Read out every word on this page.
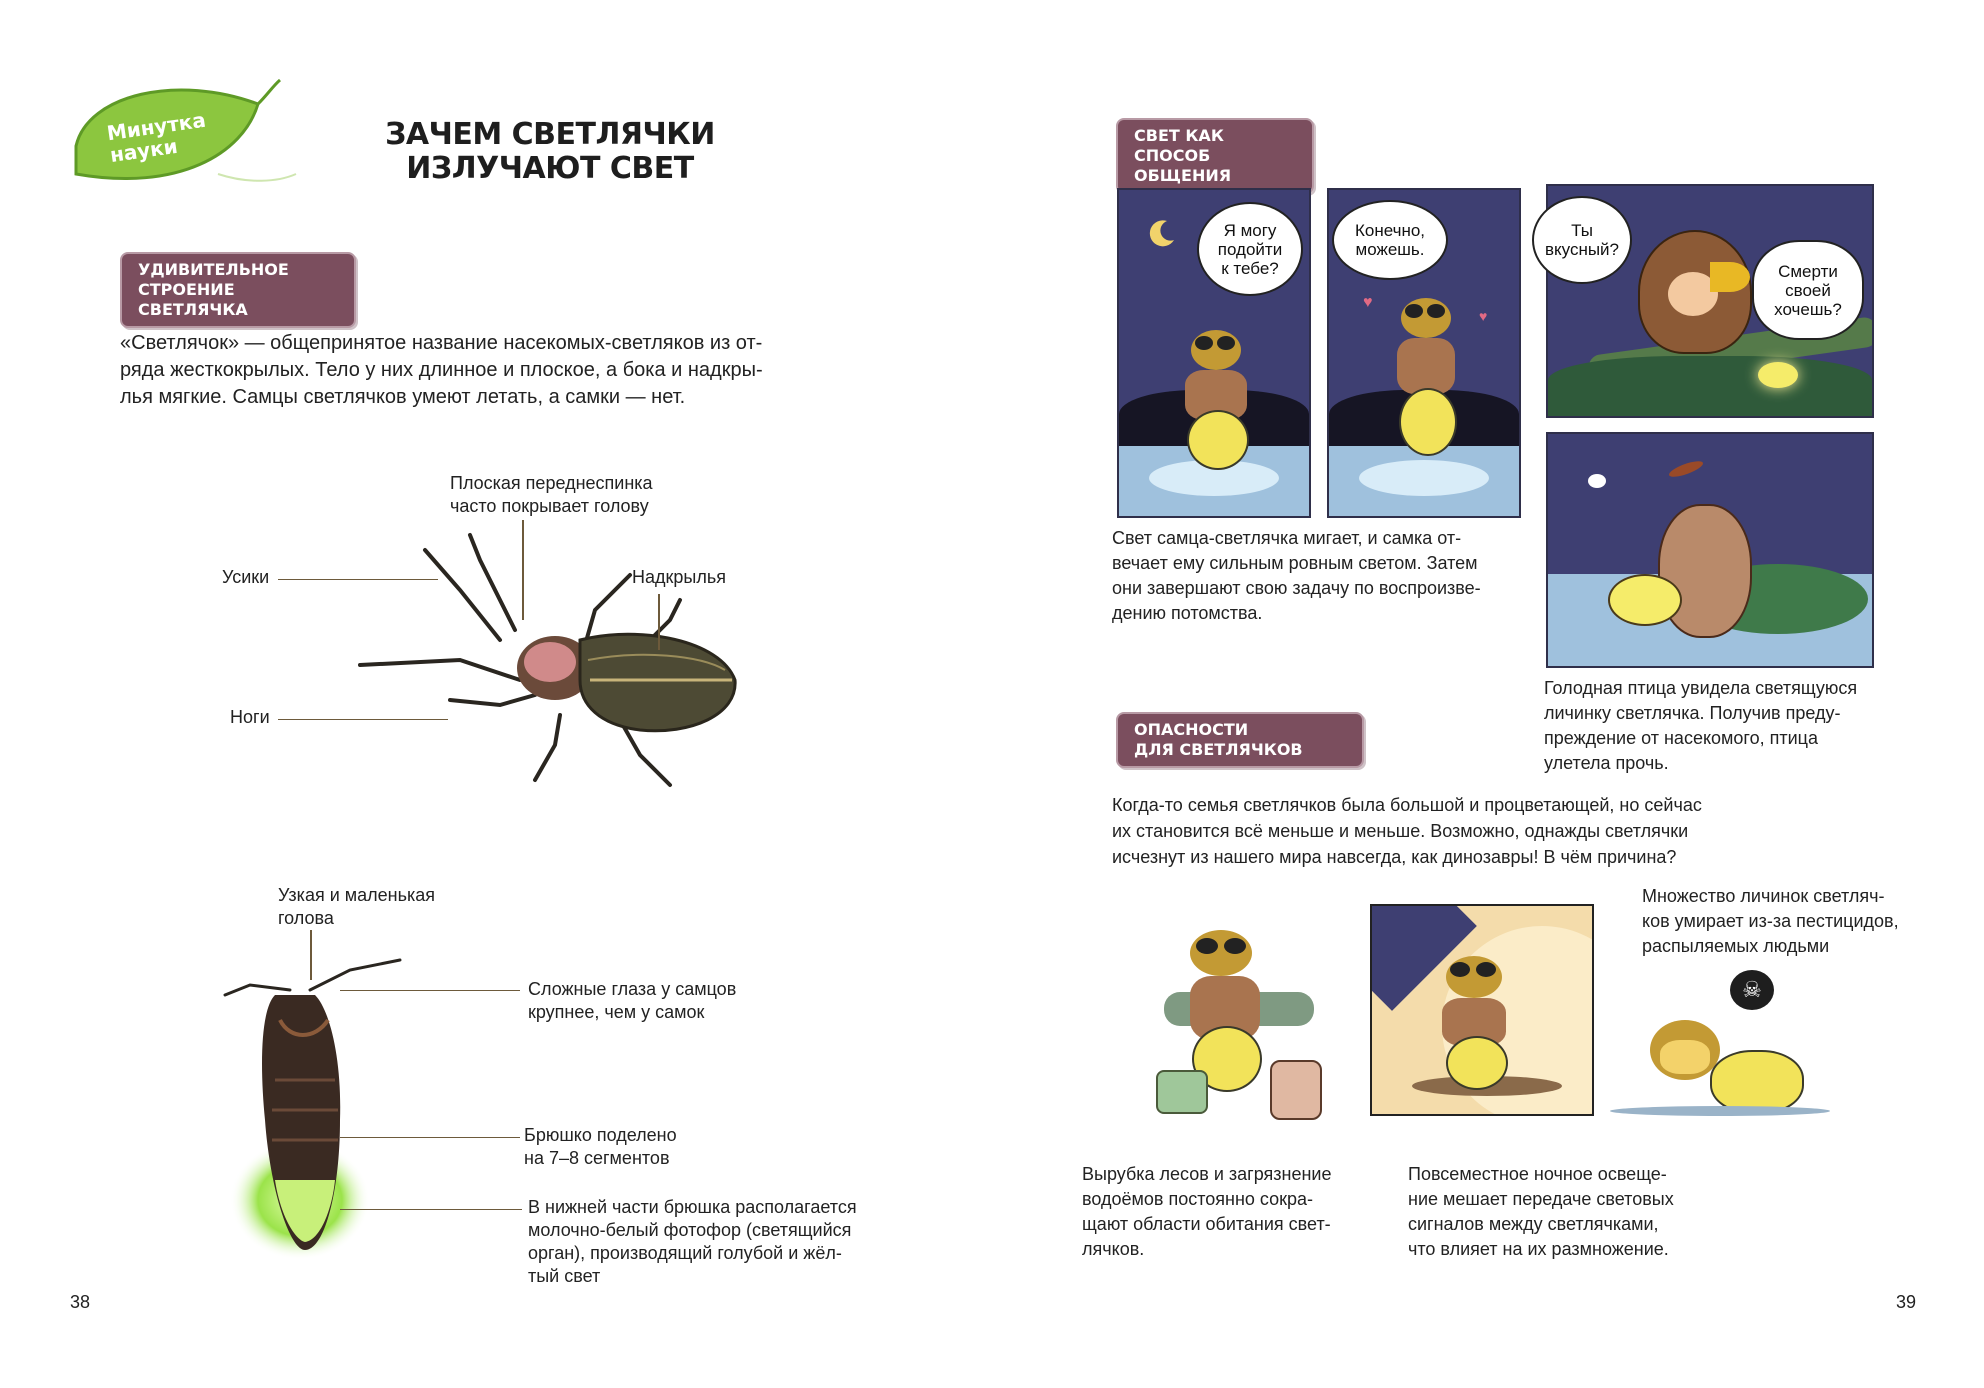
Минутка
науки	ЗАЧЕМ СВЕТЛЯЧКИ
ИЗЛУЧАЮТ СВЕТ
УДИВИТЕЛЬНОЕ
СТРОЕНИЕ СВЕТЛЯЧКА
«Светлячок» — общепринятое название насекомых-светляков из от-
ряда жесткокрылых. Тело у них длинное и плоское, а бока и надкры-
лья мягкие. Самцы светлячков умеют летать, а самки — нет.
Плоская переднеспинка
часто покрывает голову
Усики	Надкрылья
Ноги
Узкая и маленькая
голова
Сложные глаза у самцов
крупнее, чем у самок
Брюшко поделено
на 7–8 сегментов
В нижней части брюшка располагается
молочно-белый фотофор (светящийся
орган), производящий голубой и жёл-
тый свет
38
СВЕТ КАК СПОСОБ
ОБЩЕНИЯ
Я могу
подойти
к тебе?
♥
♥
Конечно,
можешь.
Ты
вкусный?
Смерти
своей
хочешь?
Свет самца-светлячка мигает, и самка от-
вечает ему сильным ровным светом. Затем
они завершают свою задачу по воспроизве-
дению потомства.
Голодная птица увидела светящуюся
личинку светлячка. Получив преду-
преждение от насекомого, птица
улетела прочь.
ОПАСНОСТИ
ДЛЯ СВЕТЛЯЧКОВ
Когда-то семья светлячков была большой и процветающей, но сейчас
их становится всё меньше и меньше. Возможно, однажды светлячки
исчезнут из нашего мира навсегда, как динозавры! В чём причина?
☠
Вырубка лесов и загрязнение
водоёмов постоянно сокра-
щают области обитания свет-
лячков.
Повсеместное ночное освеще-
ние мешает передаче световых
сигналов между светлячками,
что влияет на их размножение.
Множество личинок светляч-
ков умирает из-за пестицидов,
распыляемых людьми
39
